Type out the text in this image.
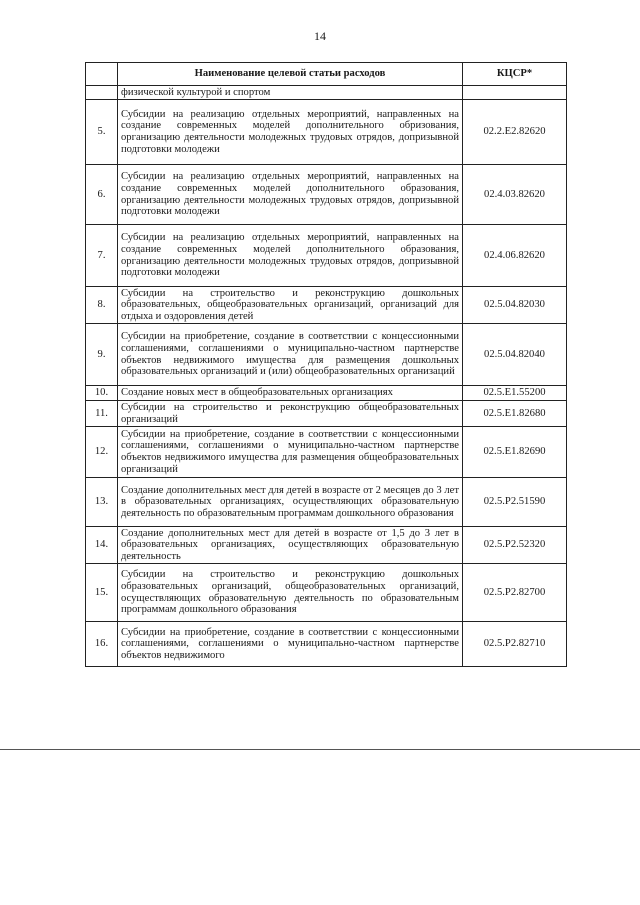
14
	Наименование целевой статьи расходов	КЦСР*
	физической культурой и спортом	
5.	Субсидии на реализацию отдельных мероприятий, направленных на создание современных моделей дополнительного обризования, организацию деятельности молодежных трудовых отрядов, допризывной подготовки молодежи	02.2.E2.82620
6.	Субсидии на реализацию отдельных мероприятий, направленных на создание современных моделей дополнительного образования, организацию деятельности молодежных трудовых отрядов, допризывной подготовки молодежи	02.4.03.82620
7.	Субсидии на реализацию отдельных мероприятий, направленных на создание современных моделей дополнительного образования, организацию деятельности молодежных трудовых отрядов, допризывной подготовки молодежи	02.4.06.82620
8.	Субсидии на строительство и реконструкцию дошкольных образовательных, общеобразовательных организаций, организаций для отдыха и оздоровления детей	02.5.04.82030
9.	Субсидии на приобретение, создание в соответствии с концессионными соглашениями, соглашениями о муниципально-частном партнерстве объектов недвижимого имущества для размещения дошкольных образовательных организаций и (или) общеобразовательных организаций	02.5.04.82040
10.	Создание новых мест в общеобразовательных организациях	02.5.E1.55200
11.	Субсидии на строительство и реконструкцию общеобразовательных организаций	02.5.E1.82680
12.	Субсидии на приобретение, создание в соответствии с концессионными соглашениями, соглашениями о муниципально-частном партнерстве объектов недвижимого имущества для размещения общеобразовательных организаций	02.5.E1.82690
13.	Создание дополнительных мест для детей в возрасте от 2 месяцев до 3 лет в образовательных организациях, осуществляющих образовательную деятельность по образовательным программам дошкольного образования	02.5.P2.51590
14.	Создание дополнительных мест для детей в возрасте от 1,5 до 3 лет в образовательных организациях, осуществляющих образовательную деятельность	02.5.P2.52320
15.	Субсидии на строительство и реконструкцию дошкольных образовательных организаций, общеобразовательных организаций, осуществляющих образовательную деятельность по образовательным программам дошкольного образования	02.5.P2.82700
16.	Субсидии на приобретение, создание в соответствии с концессионными соглашениями, соглашениями о муниципально-частном партнерстве объектов недвижимого	02.5.P2.82710
